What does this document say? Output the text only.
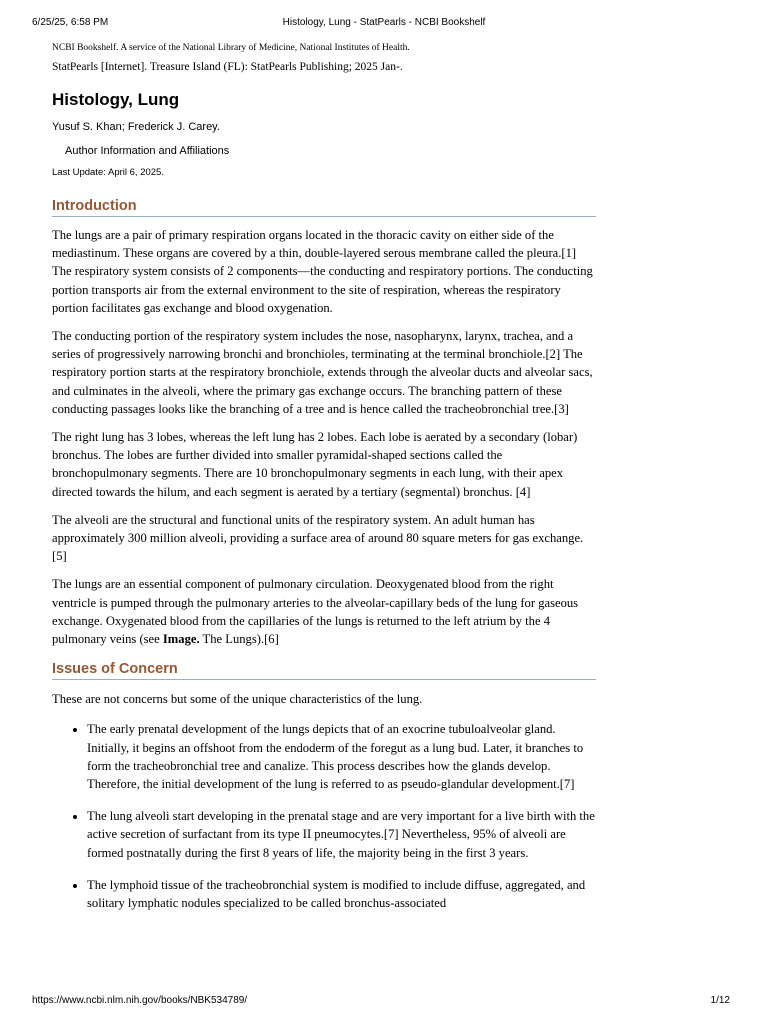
6/25/25, 6:58 PM	Histology, Lung - StatPearls - NCBI Bookshelf

NCBI Bookshelf. A service of the National Library of Medicine, National Institutes of Health.

StatPearls [Internet]. Treasure Island (FL): StatPearls Publishing; 2025 Jan-.

Histology, Lung
Yusuf S. Khan; Frederick J. Carey.
Author Information and Affiliations
Last Update: April 6, 2025.
Introduction

The lungs are a pair of primary respiration organs located in the thoracic cavity on either side of the mediastinum. These organs are covered by a thin, double-layered serous membrane called the pleura.[1] The respiratory system consists of 2 components—the conducting and respiratory portions. The conducting portion transports air from the external environment to the site of respiration, whereas the respiratory portion facilitates gas exchange and blood oxygenation.

The conducting portion of the respiratory system includes the nose, nasopharynx, larynx, trachea, and a series of progressively narrowing bronchi and bronchioles, terminating at the terminal bronchiole.[2] The respiratory portion starts at the respiratory bronchiole, extends through the alveolar ducts and alveolar sacs, and culminates in the alveoli, where the primary gas exchange occurs. The branching pattern of these conducting passages looks like the branching of a tree and is hence called the tracheobronchial tree.[3]

The right lung has 3 lobes, whereas the left lung has 2 lobes. Each lobe is aerated by a secondary (lobar) bronchus. The lobes are further divided into smaller pyramidal-shaped sections called the bronchopulmonary segments. There are 10 bronchopulmonary segments in each lung, with their apex directed towards the hilum, and each segment is aerated by a tertiary (segmental) bronchus. [4]

The alveoli are the structural and functional units of the respiratory system. An adult human has approximately 300 million alveoli, providing a surface area of around 80 square meters for gas exchange.[5]

The lungs are an essential component of pulmonary circulation. Deoxygenated blood from the right ventricle is pumped through the pulmonary arteries to the alveolar-capillary beds of the lung for gaseous exchange. Oxygenated blood from the capillaries of the lungs is returned to the left atrium by the 4 pulmonary veins (see Image. The Lungs).[6]

Issues of Concern

These are not concerns but some of the unique characteristics of the lung.

• The early prenatal development of the lungs depicts that of an exocrine tubuloalveolar gland. Initially, it begins an offshoot from the endoderm of the foregut as a lung bud. Later, it branches to form the tracheobronchial tree and canalize. This process describes how the glands develop. Therefore, the initial development of the lung is referred to as pseudo-glandular development.[7]
• The lung alveoli start developing in the prenatal stage and are very important for a live birth with the active secretion of surfactant from its type II pneumocytes.[7] Nevertheless, 95% of alveoli are formed postnatally during the first 8 years of life, the majority being in the first 3 years.
• The lymphoid tissue of the tracheobronchial system is modified to include diffuse, aggregated, and solitary lymphatic nodules specialized to be called bronchus-associated
https://www.ncbi.nlm.nih.gov/books/NBK534789/	1/12
